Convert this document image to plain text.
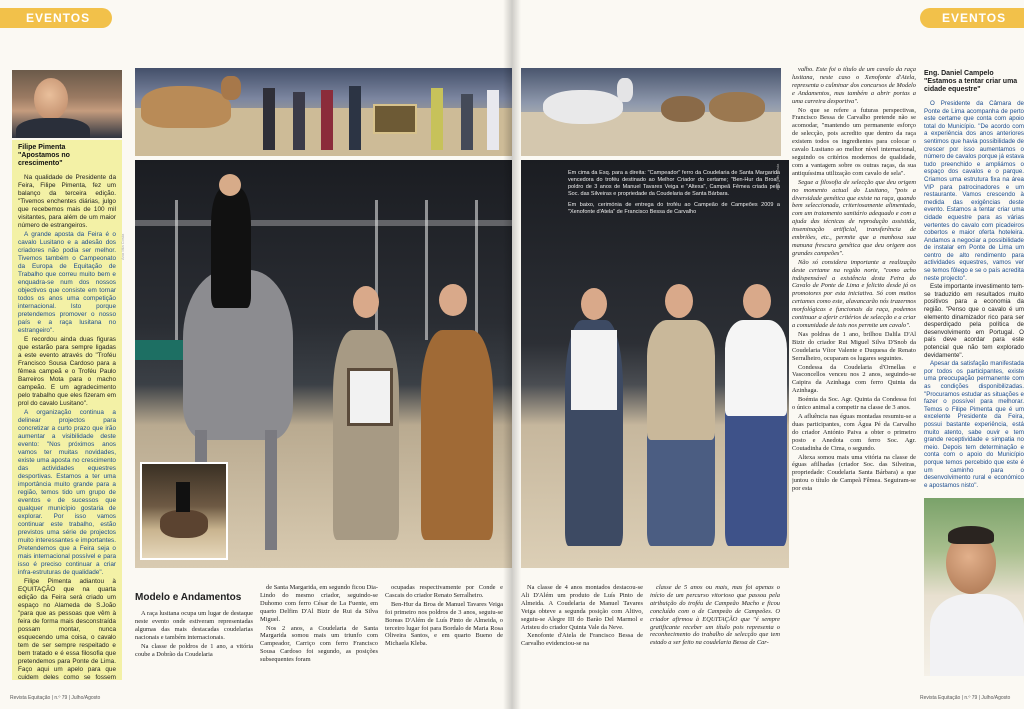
EVENTOS
Filipe Pimenta
"Apostamos no crescimento"

Na qualidade de Presidente da Feira, Filipe Pimenta, fez um balanço da terceira edição. "Tivemos enchentes diárias, julgo que recebemos mais de 100 mil visitantes, para além de um maior número de estrangeiros.

A grande aposta da Feira é o cavalo Lusitano e a adesão dos criadores não podia ser melhor. Tivemos também o Campeonato da Europa de Equitação de Trabalho que correu muito bem e enquadra-se num dos nossos objectivos que consiste em tornar todos os anos uma competição internacional. Isto porque pretendemos promover o nosso país e a raça lusitana no estrangeiro".

E recordou ainda duas figuras que estarão para sempre ligadas a este evento através do "Troféu Francisco Sousa Cardoso para a fêmea campeã e o Troféu Paulo Barreiros Mota para o macho campeão. E um agradecimento pelo trabalho que eles fizeram em prol do cavalo Lusitano".

A organização continua a delinear projectos para concretizar a curto prazo que irão aumentar a visibilidade deste evento: "Nos próximos anos vamos ter muitas novidades, existe uma aposta no crescimento das actividades equestres desportivas. Estamos a ter uma importância muito grande para a região, temos tido um grupo de eventos e de sucessos que qualquer município gostaria de explorar. Por isso vamos continuar este trabalho, estão previstos uma série de projectos muito interessantes e importantes. Pretendemos que a Feira seja o mais internacional possível e para isso é preciso continuar a criar infra-estruturas de qualidade".

Filipe Pimenta adiantou à EQUITAÇÃO que na quarta edição da Feira será criado um espaço no Alameda de S.João "para que as pessoas que vêm à feira de forma mais desconstraída possam montar, nunca esquecendo uma coisa, o cavalo tem de ser sempre respeitado e bem tratado e é essa filosofia que pretendemos para Ponte de Lima. Faço aqui um apelo para que cuidem deles como se fossem

Ana Mia Costa
Modelo e Andamentos

A raça lusitana ocupa um lugar de destaque neste evento onde estiveram representadas algumas das mais destacadas coudelarias nacionais e também internacionais.

Na classe de poldros de 1 ano, a vitória coube a Dobrão da Coudelaria

de Santa Margarida, em segundo ficou Dia-Lindo do mesmo criador, seguindo-se Duhomo com ferro César de La Fuente, em quarto Delfim D'Al Bizir de Rui da Silva Miguel.

Nos 2 anos, a Coudelaria de Santa Margarida somou mais um triunfo com Campeador, Carriço com ferro Francisco Sousa Cardoso foi segundo, as posições subsequentes foram

ocupadas respectivamente por Conde e Cascais do criador Renato Serralheiro.

Ben-Hur da Broa de Manuel Tavares Veiga foi primeiro nos poldros de 3 anos, seguiu-se Boreas D'Além de Luís Pinto de Almeida, o terceiro lugar foi para Bordalo de Maria Rosa Oliveira Santos, e em quarto Bueno de Michaela Kleba.

Revista Equitação | n.º 79 | Julho/Agosto	Revista Equitação | n.º 79 | Julho/Agosto
EVENTOS

Em cima da Esq. para a direita: "Campeador" ferro da Coudelaria de Santa Margarida vencedora do troféu destinado ao Melhor Criador do certame; "Ben-Hur da Broa", poldro de 3 anos de Manuel Tavares Veiga e "Altexa", Campeã Fêmea criada pela Soc. das Silveiras e propriedade da Coudelaria de Santa Bárbara.

Em baixo, cerimónia de entrega do troféu ao Campeão de Campeões 2009 a "Xenofonte d'Atela" de Francisco Bessa de Carvalho

Ana Mia Costa

Na classe de 4 anos montados destacou-se Ali D'Além um produto de Luís Pinto de Almeida. A Coudelaria de Manuel Tavares Veiga obteve a segunda posição com Altivo, seguiu-se Alegre III do Barão Del Marmol e Aristeu do criador Quinta Vale da Neve.

Xenofonte d'Atela de Francisco Bessa de Carvalho evidenciou-se na

classe de 5 anos ou mais, mas foi apenas o início de um percurso vitorioso que passou pela atribuição do troféu de Campeão Macho e ficou concluído com o de Campeão de Campeões. O criador afirmou à EQUITAÇÃO que "é sempre gratificante receber um título pois representa o reconhecimento do trabalho de selecção que tem estado a ser feito na coudelaria Bessa de Car-

valho. Este foi o título de um cavalo da raça lusitana, neste caso o Xenofonte d'Atela, representa o culminar dos concursos de Modelo e Andamentos, mas também a abrir portas a uma carreira desportiva".

No que se refere a futuras perspectivas, Francisco Bessa de Carvalho pretende não se acomodar, "mantendo um permanente esforço de selecção, pois acredito que dentro da raça existem todos os ingredientes para colocar o cavalo Lusitano ao melhor nível internacional, seguindo os critérios modernos de qualidade, com a vantagem sobre os outras raças, da sua antiquíssima utilização com cavalo de sela".

Segue a filosofia de selecção que deu origem no momento actual do Lusitano, "pois a diversidade genética que existe na raça, quando bem seleccionada, criteriosamente alimentado, com um tratamento sanitário adequado e com a ajuda das técnicas de reprodução assistida, inseminação artificial, transferência de embriões, etc., permite que a manhosa sua manuna frescura genética que deu origem aos grandes campeões".

Não só considera importante a realização deste certame na região norte, "como acho indispensável a existência desta Feira do Cavalo de Ponte de Lima e felicito desde já os promotores por esta iniciativa. Só com muitos certames como este, alavancarão nós trazermos morfológicas e funcionais da raça, podemos continuar a aferir critérios de selecção e a criar a comunidade de tais nos permite um cavalo".

Nas poldras de 1 ano, brilhou Dalila D'Al Bizir do criador Rui Miguel Silva D'Snob da Coudelaria Vítor Valente e Duquesa de Renato Serralheiro, ocuparam os lugares seguintes.

Condessa da Coudelaria d'Ornellas e Vasconcellos venceu nos 2 anos, seguindo-se Caipira da Azinhaga com ferro Quinta da Azinhaga.

Boémia da Soc. Agr. Quinta da Condessa foi o único animal a competir na classe de 3 anos.

A afluência nas éguas montadas resumiu-se a duas participantes, com Água Pé da Carvalho do criador António Paiva a obter o primeiro posto e Anedota com ferro Soc. Agr. Coutadinha de Cima, o segundo.

Altexa somou mais uma vitória na classe de éguas afilhadas (criador Soc. das Silveiras, propriedade: Coudelaria Santa Bárbara) a que juntou o título de Campeã Fêmea. Seguiram-se por esta

Eng. Daniel Campelo
"Estamos a tentar criar uma cidade equestre"

O Presidente da Câmara de Ponte de Lima acompanha de perto este certame que conta com apoio total do Município. "De acordo com a experiência dos anos anteriores sentimos que havia possibilidade de crescer por isso aumentamos o número de cavalos porque já estava tudo preenchido e ampliámos o espaço dos cavalos e o parque. Criamos uma estrutura fixa na área VIP para patrocinadores e um restaurante. Vamos crescendo à medida das exigências deste evento. Estamos a tentar criar uma cidade equestre para as várias vertentes do cavalo com picadeiros cobertos e maior oferta hoteleira. Andamos a negociar a possibilidade de instalar em Ponte de Lima um centro de alto rendimento para actividades equestres, vamos ver se temos fôlego e se o país acredita neste projecto".

Este importante investimento tem-se traduzido em resultados muito positivos para a economia da região. "Penso que o cavalo é um elemento dinamizador rico para ser desperdiçado pela política de desenvolvimento em Portugal. O país deve acordar para este potencial que não tem explorado devidamente".

Apesar da satisfação manifestada por todos os participantes, existe uma preocupação permanente com as condições disponibilizadas. "Procuramos estudar as situações e fazer o possível para melhorar. Temos o Filipe Pimenta que é um excelente Presidente da Feira, possui bastante experiência, está muito atento, sabe ouvir e tem grande receptividade e simpatia no meio. Depois tem determinação e conta com o apoio do Município porque temos percebido que este é um caminho para o desenvolvimento rural e económico e apostamos nisto".
